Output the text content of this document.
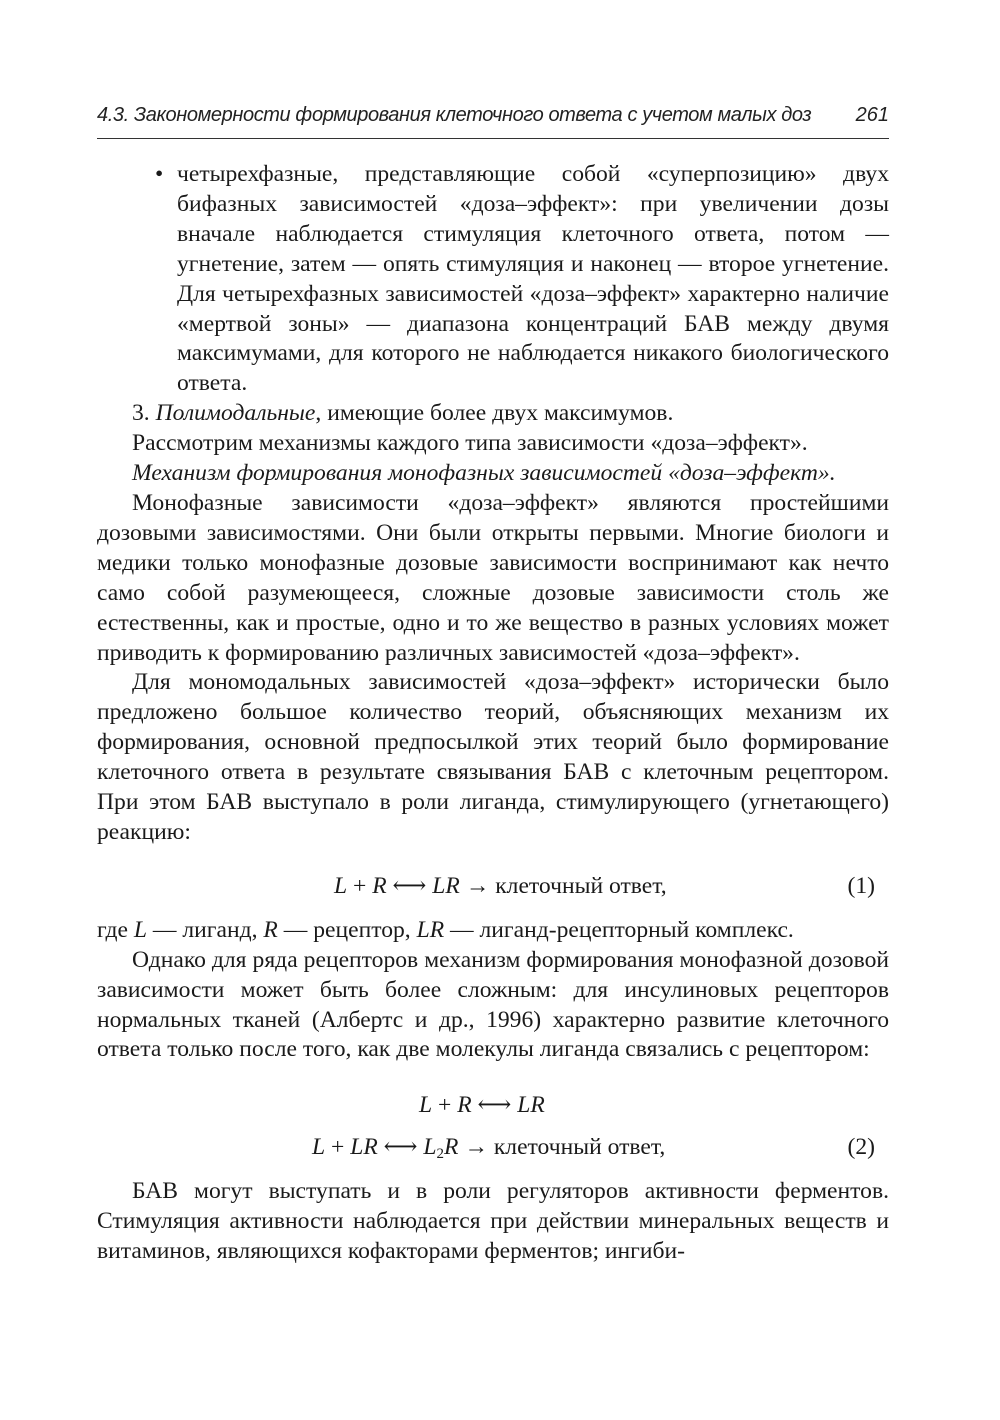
4.3. Закономерности формирования клеточного ответа с учетом малых доз 261

• четырехфазные, представляющие собой «суперпозицию» двух бифазных зависимостей «доза–эффект»: при увеличении дозы вначале наблюдается стимуляция клеточного ответа, потом — угнетение, затем — опять стимуляция и наконец — второе угнетение. Для четырехфазных зависимостей «доза–эффект» характерно наличие «мертвой зоны» — диапазона концентраций БАВ между двумя максимумами, для которого не наблюдается никакого биологического ответа.

3. Полимодальные, имеющие более двух максимумов.

Рассмотрим механизмы каждого типа зависимости «доза–эффект».

Механизм формирования монофазных зависимостей «доза–эффект».

Монофазные зависимости «доза–эффект» являются простейшими дозовыми зависимостями. Они были открыты первыми. Многие биологи и медики только монофазные дозовые зависимости воспринимают как нечто само собой разумеющееся, сложные дозовые зависимости столь же естественны, как и простые, одно и то же вещество в разных условиях может приводить к формированию различных зависимостей «доза–эффект».

Для мономодальных зависимостей «доза–эффект» исторически было предложено большое количество теорий, объясняющих механизм их формирования, основной предпосылкой этих теорий было формирование клеточного ответа в результате связывания БАВ с клеточным рецептором. При этом БАВ выступало в роли лиганда, стимулирующего (угнетающего) реакцию:

L + R ⟷ LR → клеточный ответ,	(1)

где L — лиганд, R — рецептор, LR — лиганд-рецепторный комплекс.

Однако для ряда рецепторов механизм формирования монофазной дозовой зависимости может быть более сложным: для инсулиновых рецепторов нормальных тканей (Албертс и др., 1996) характерно развитие клеточного ответа только после того, как две молекулы лиганда связались с рецептором:

L + R ⟷ LR
L + LR ⟷ $L_2R$ → клеточный ответ,	(2)

БАВ могут выступать и в роли регуляторов активности ферментов. Стимуляция активности наблюдается при действии минеральных веществ и витаминов, являющихся кофакторами ферментов; ингиби-
